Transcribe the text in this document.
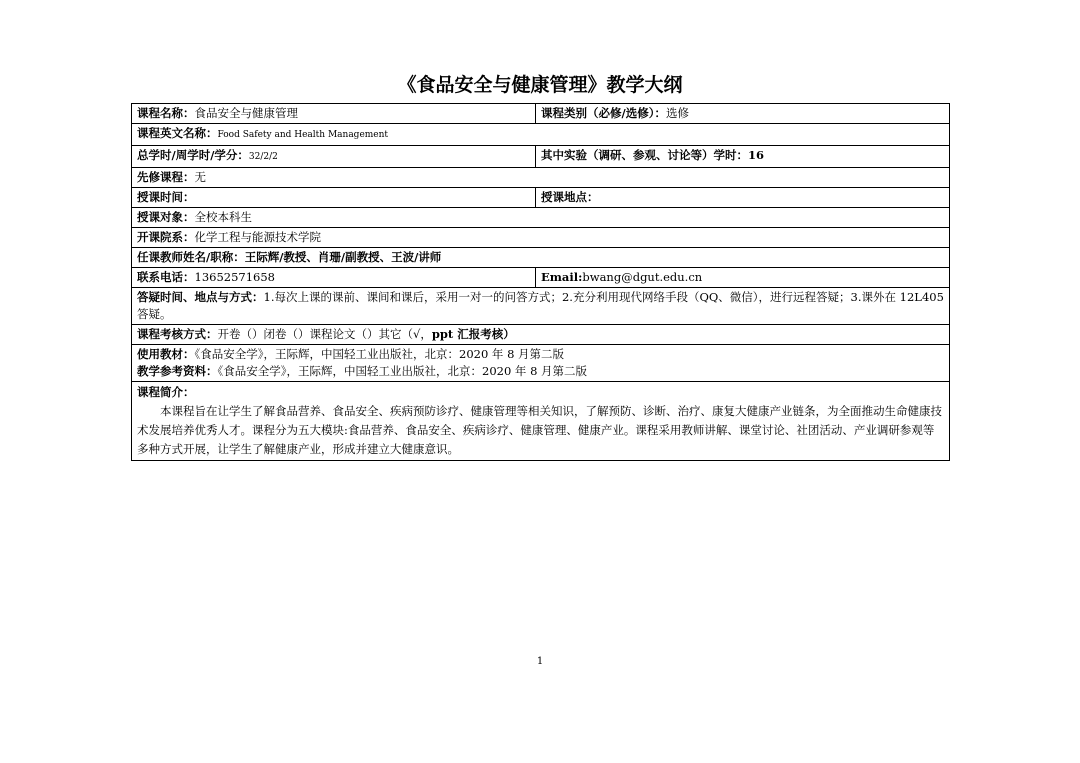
《食品安全与健康管理》教学大纲
课程名称：食品安全与健康管理	课程类别（必修/选修）：选修
课程英文名称：Food Safety and Health Management	
总学时/周学时/学分：32/2/2	其中实验（调研、参观、讨论等）学时：16
先修课程：无	
授课时间：	授课地点：
授课对象：全校本科生	
开课院系：化学工程与能源技术学院	
任课教师姓名/职称：王际辉/教授、肖珊/副教授、王波/讲师	
联系电话：13652571658	Email:bwang@dgut.edu.cn
答疑时间、地点与方式：1.每次上课的课前、课间和课后，采用一对一的问答方式；2.充分利用现代网络手段（QQ、微信），进行远程答疑；3.课外在 12L405 答疑。	
课程考核方式：开卷（）闭卷（）课程论文（）其它（√，ppt 汇报考核）	

使用教材：《食品安全学》，王际辉，中国轻工业出版社，北京：2020 年 8 月第二版
教学参考资料：《食品安全学》，王际辉，中国轻工业出版社，北京：2020 年 8 月第二版	

课程简介：
本课程旨在让学生了解食品营养、食品安全、疾病预防诊疗、健康管理等相关知识，了解预防、诊断、治疗、康复大健康产业链条，为全面推动生命健康技术发展培养优秀人才。课程分为五大模块:食品营养、食品安全、疾病诊疗、健康管理、健康产业。课程采用教师讲解、课堂讨论、社团活动、产业调研参观等多种方式开展，让学生了解健康产业，形成并建立大健康意识。	
1
